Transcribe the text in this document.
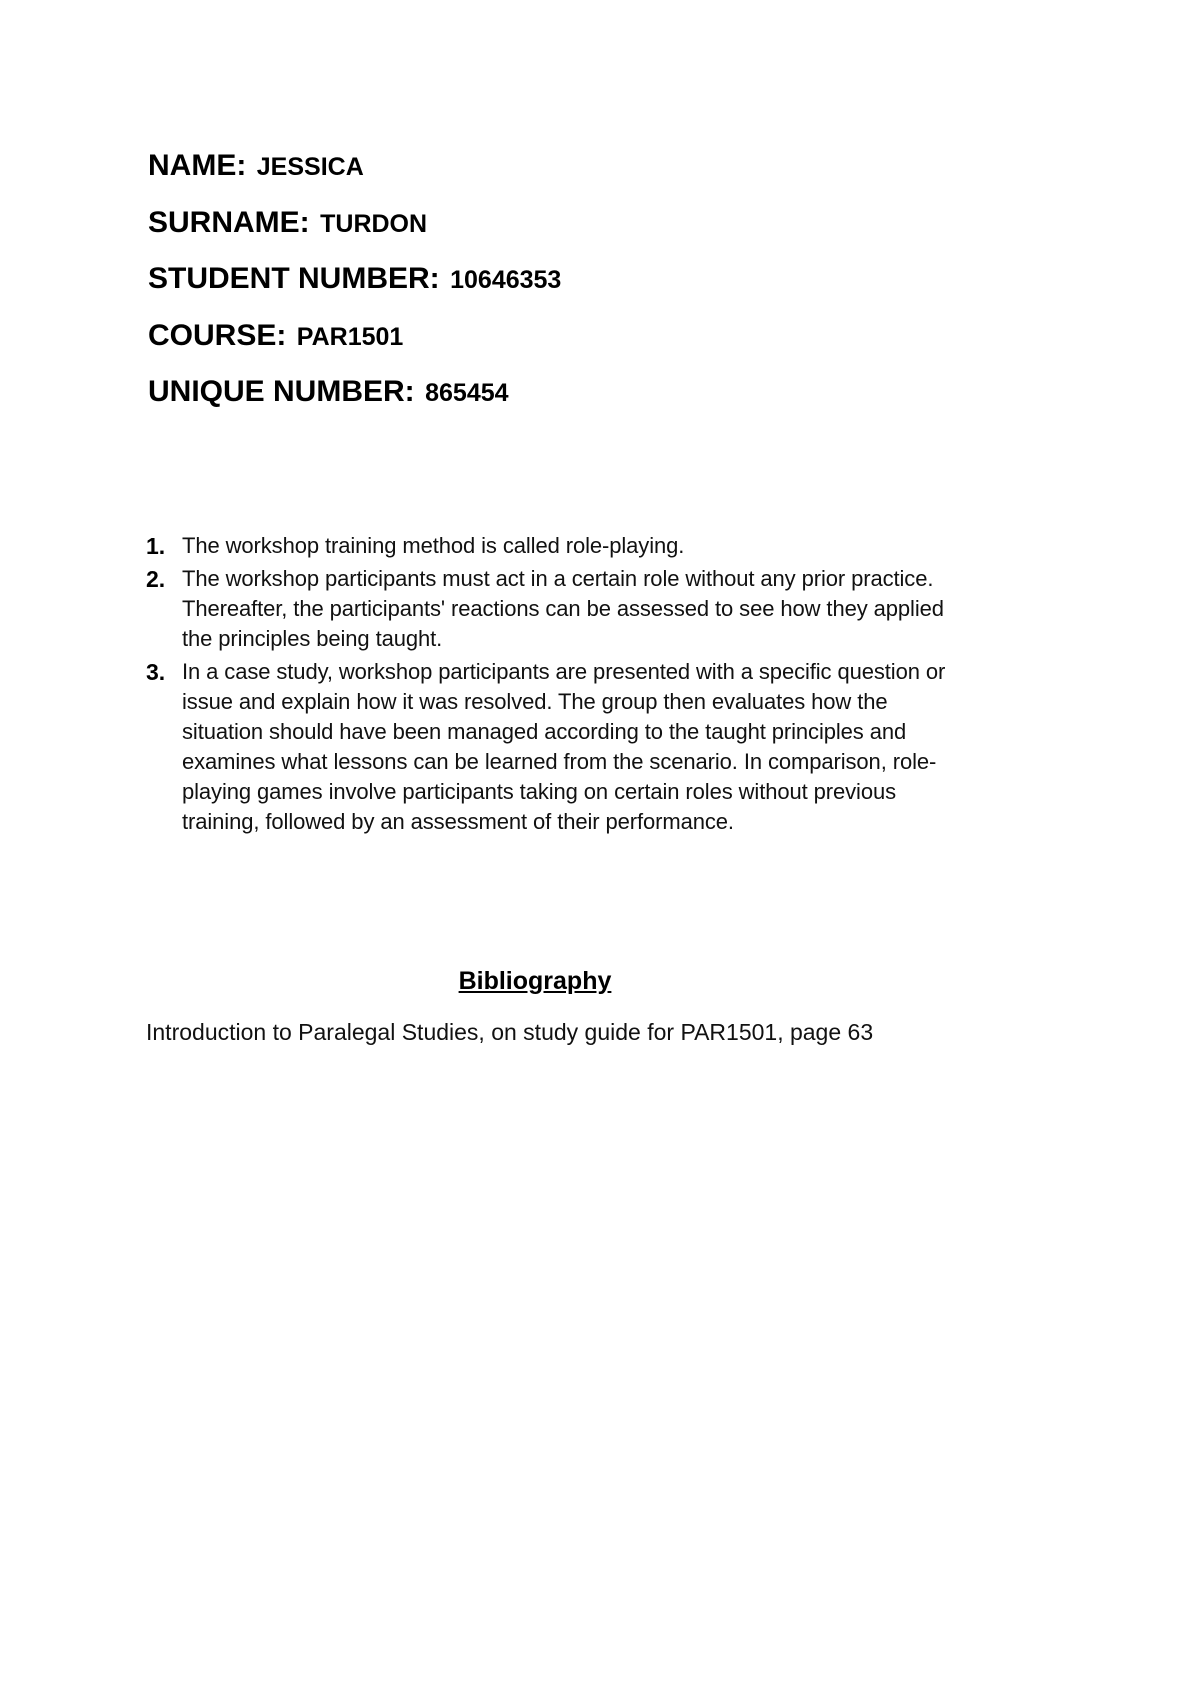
NAME: JESSICA
SURNAME: TURDON
STUDENT NUMBER: 10646353
COURSE: PAR1501
UNIQUE NUMBER: 865454
1. The workshop training method is called role-playing.
2. The workshop participants must act in a certain role without any prior practice.
Thereafter, the participants' reactions can be assessed to see how they applied
the principles being taught.
3. In a case study, workshop participants are presented with a specific question or
issue and explain how it was resolved. The group then evaluates how the
situation should have been managed according to the taught principles and
examines what lessons can be learned from the scenario. In comparison, role-
playing games involve participants taking on certain roles without previous
training, followed by an assessment of their performance.
Bibliography
Introduction to Paralegal Studies, on study guide for PAR1501, page 63
